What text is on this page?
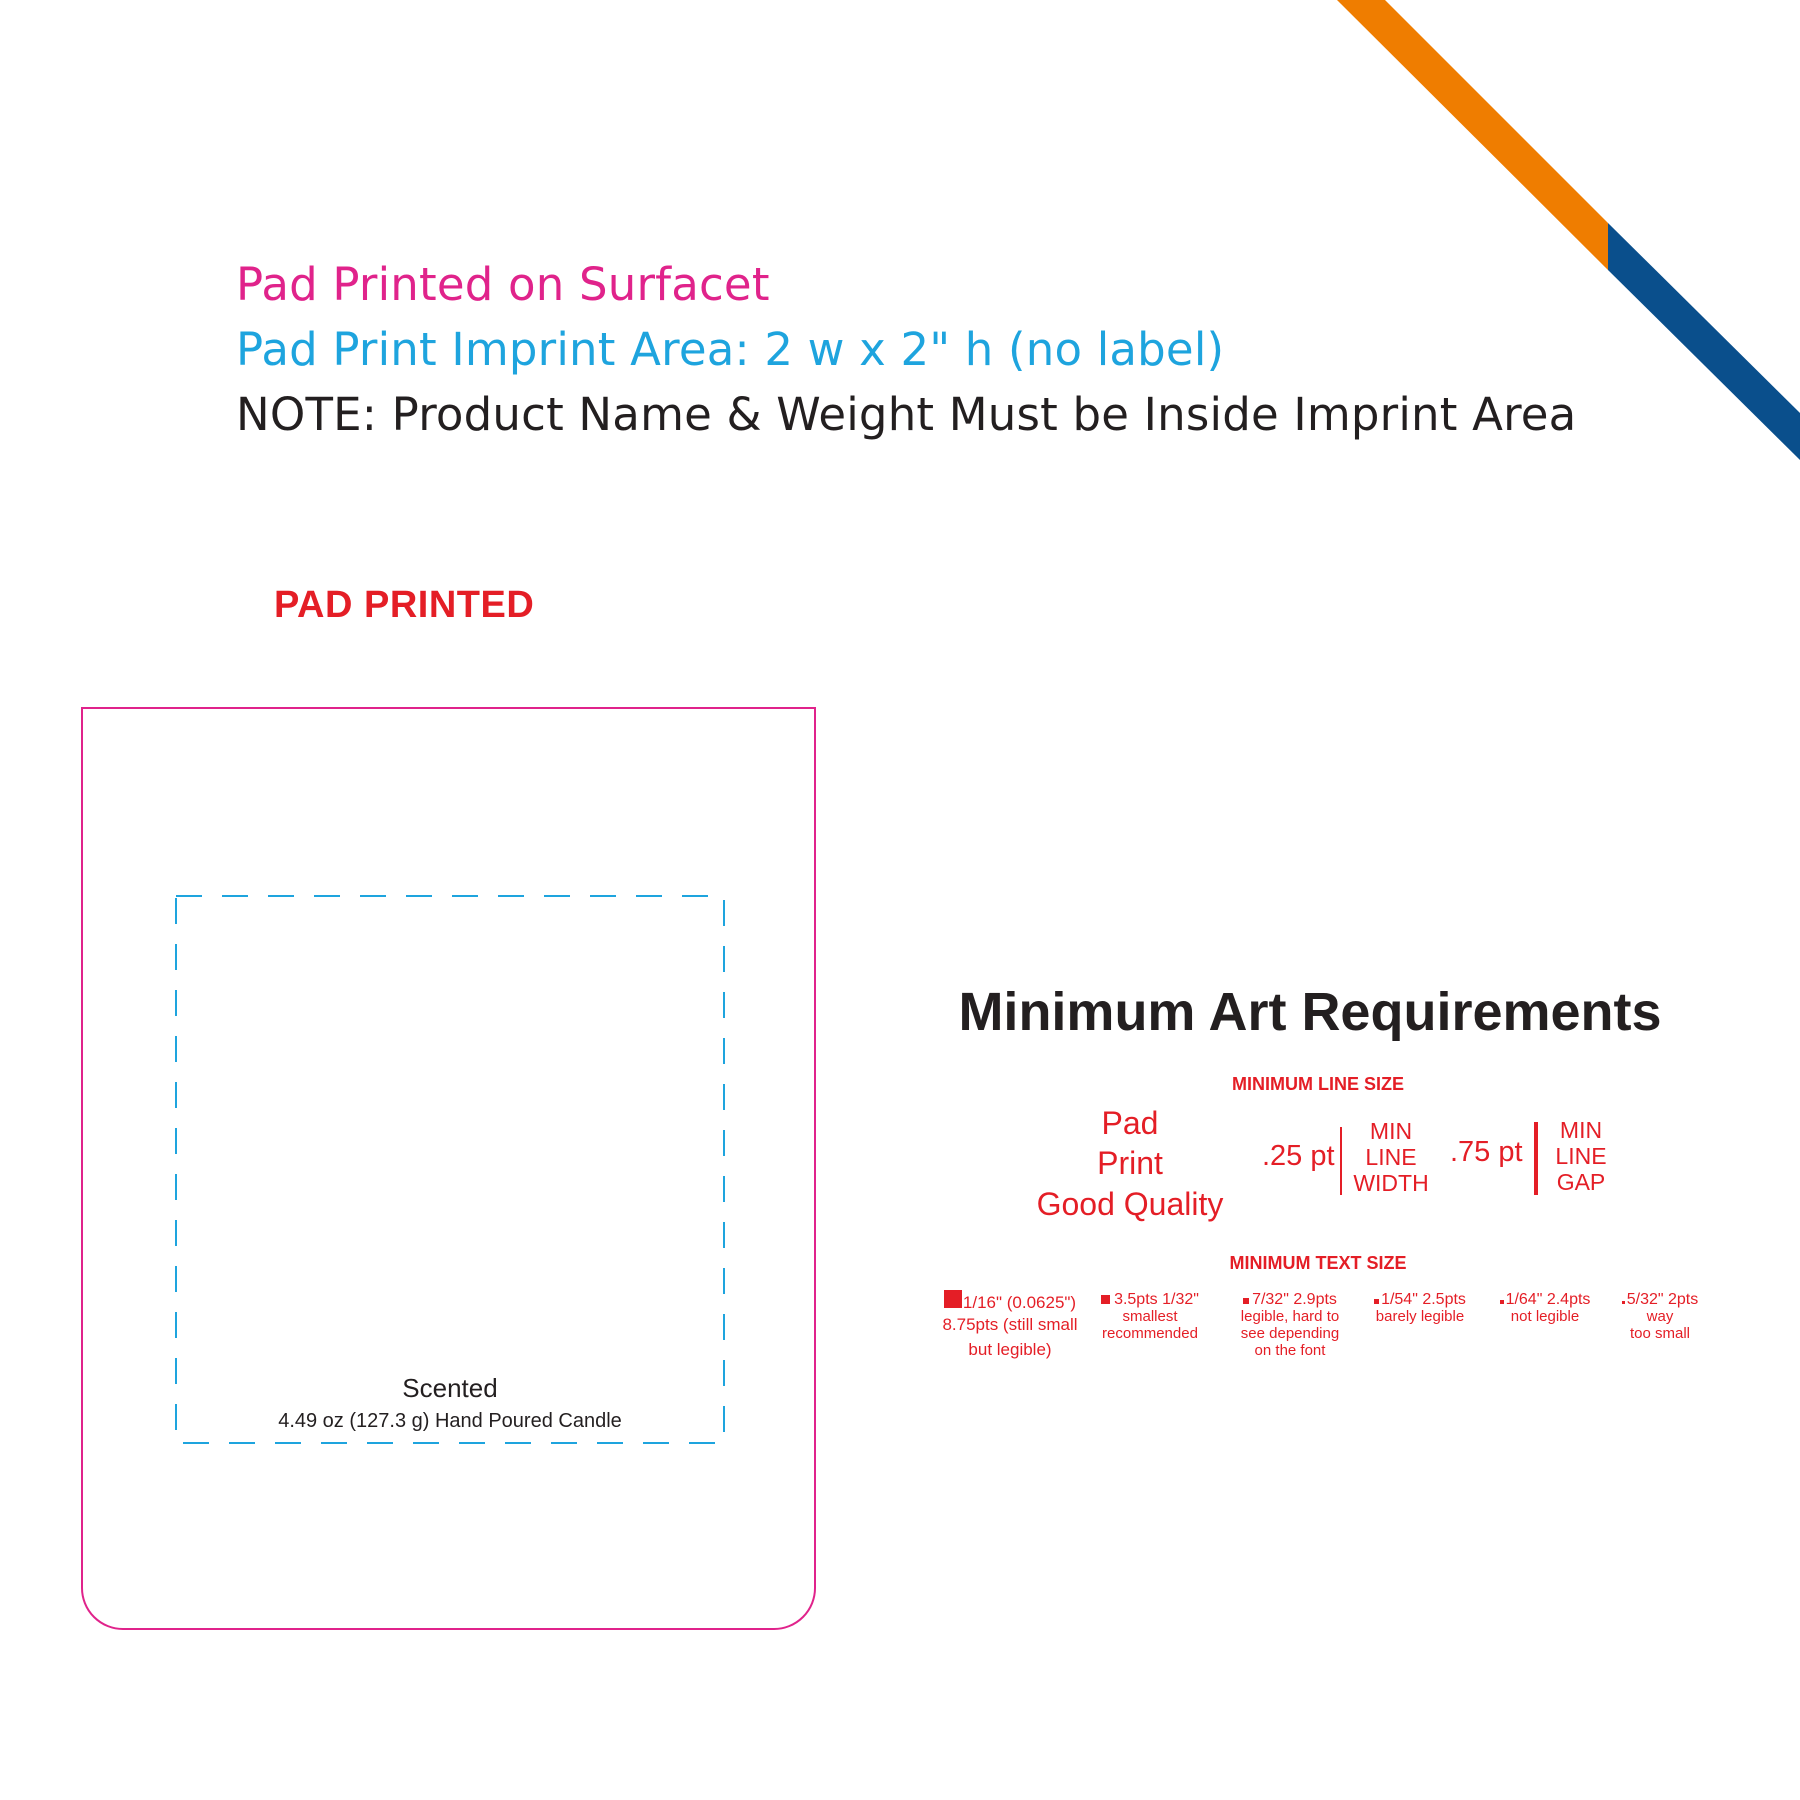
Pad Printed on Surfacet
Pad Print Imprint Area: 2 w x 2" h (no label)
NOTE: Product Name & Weight Must be Inside Imprint Area
PAD PRINTED
Scented
4.49 oz (127.3 g) Hand Poured Candle
Minimum Art Requirements
MINIMUM LINE SIZE
Pad
Print
Good Quality
.25 pt
MIN
LINE
WIDTH
.75 pt
MIN
LINE
GAP
MINIMUM TEXT SIZE
1/16" (0.0625")
8.75pts (still small
but legible)
3.5pts 1/32"
smallest
recommended
7/32" 2.9pts
legible, hard to
see depending
on the font
1/54" 2.5pts
barely legible
1/64" 2.4pts
not legible
5/32" 2pts
way
too small
